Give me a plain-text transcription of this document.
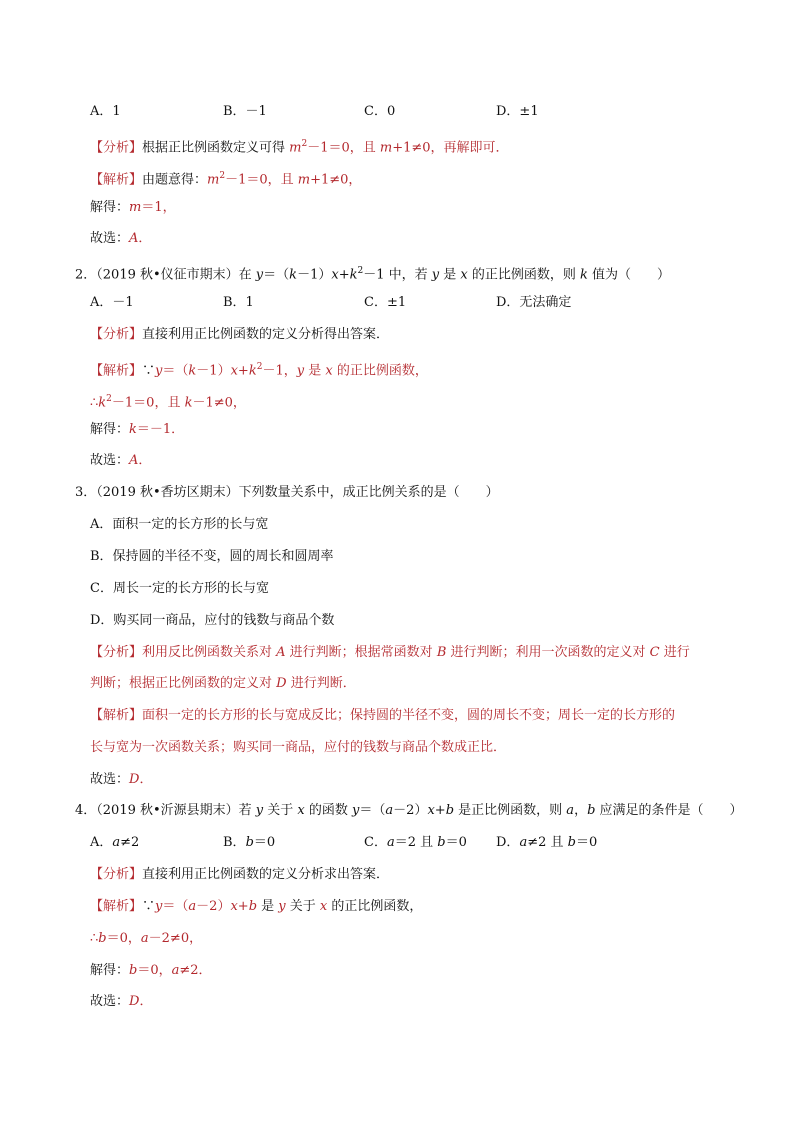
A．1	B．－1	C．0	D．±1
【分析】根据正比例函数定义可得 $m^2-1=0$，且 m+1≠0，再解即可．
【解析】由题意得：$m^2-1=0$，且 m+1≠0，
解得：m＝1，
故选：A．
2．（2019 秋•仪征市期末）在 $y=(k-1)x+k^2-1$ 中，若 y 是 x 的正比例函数，则 k 值为（　　）
A．－1	B．1	C．±1	D．无法确定
【分析】直接利用正比例函数的定义分析得出答案．
【解析】$\because y=(k-1)x+k^2-1$，y 是 x 的正比例函数，
$\therefore k^2-1=0$，且 k－1≠0，
解得：k＝－1．
故选：A．
3．（2019 秋•香坊区期末）下列数量关系中，成正比例关系的是（　　）
A．面积一定的长方形的长与宽
B．保持圆的半径不变，圆的周长和圆周率
C．周长一定的长方形的长与宽
D．购买同一商品，应付的钱数与商品个数
【分析】利用反比例函数关系对 A 进行判断；根据常函数对 B 进行判断；利用一次函数的定义对 C 进行
判断；根据正比例函数的定义对 D 进行判断．
【解析】面积一定的长方形的长与宽成反比；保持圆的半径不变，圆的周长不变；周长一定的长方形的
长与宽为一次函数关系；购买同一商品，应付的钱数与商品个数成正比．
故选：D．
4．（2019 秋•沂源县期末）若 y 关于 x 的函数 y＝（a－2）x+b 是正比例函数，则 a，b 应满足的条件是（　　）
A．a≠2	B．b＝0	C．a＝2 且 b＝0 D．a≠2 且 b＝0
【分析】直接利用正比例函数的定义分析求出答案．
【解析】∵y＝（a－2）x+b 是 y 关于 x 的正比例函数，
∴b＝0，a－2≠0，
解得：b＝0，a≠2．
故选：D．
